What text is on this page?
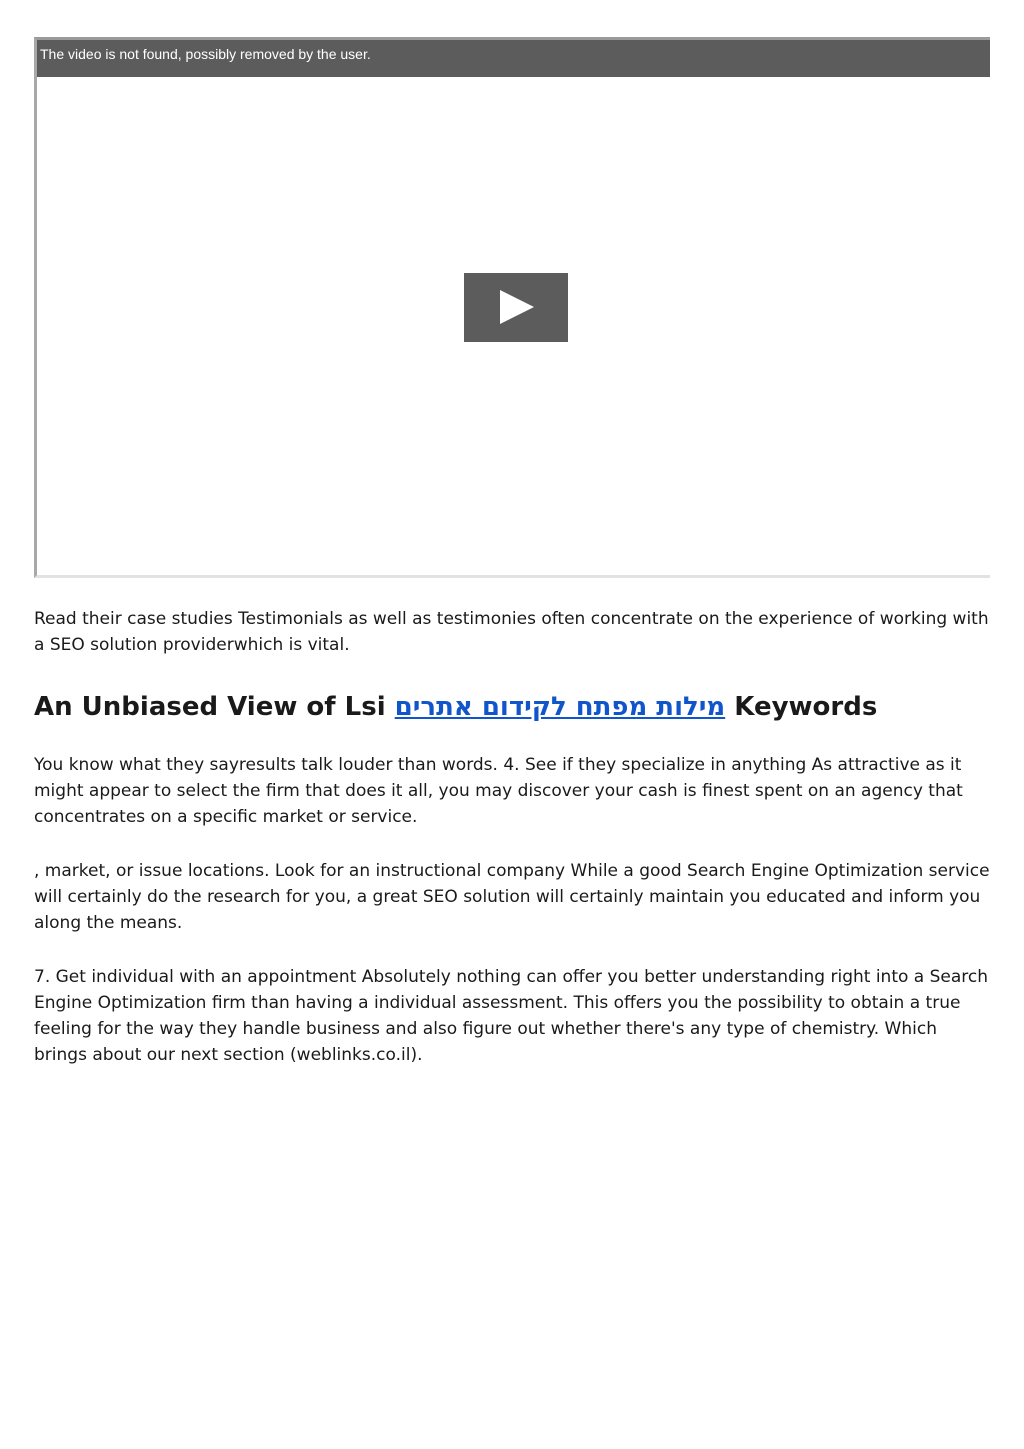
The video is not found, possibly removed by the user.

Read their case studies Testimonials as well as testimonies often concentrate on the experience of working with a SEO solution providerwhich is vital.

An Unbiased View of Lsi מילות מפתח לקידום אתרים Keywords

You know what they sayresults talk louder than words. 4. See if they specialize in anything As attractive as it might appear to select the firm that does it all, you may discover your cash is finest spent on an agency that concentrates on a specific market or service.

, market, or issue locations. Look for an instructional company While a good Search Engine Optimization service will certainly do the research for you, a great SEO solution will certainly maintain you educated and inform you along the means.

7. Get individual with an appointment Absolutely nothing can offer you better understanding right into a Search Engine Optimization firm than having a individual assessment. This offers you the possibility to obtain a true feeling for the way they handle business and also figure out whether there's any type of chemistry. Which brings about our next section (weblinks.co.il).
